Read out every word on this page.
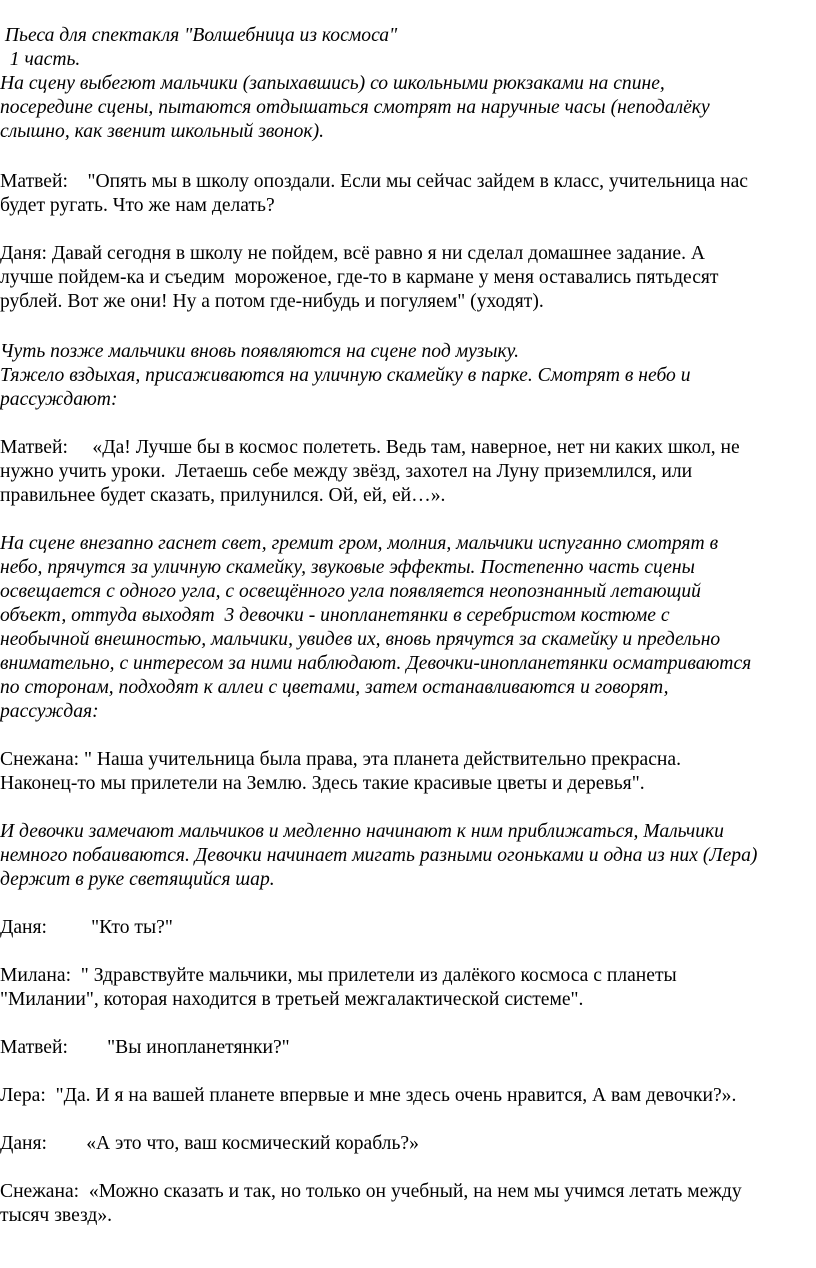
Пьеса для спектакля "Волшебница из космоса"
1 часть.
На сцену выбегют мальчики (запыхавшись) со школьными рюкзаками на спине,
посередине сцены, пытаются отдышаться смотрят на наручные часы (неподалёку
слышно, как звенит школьный звонок).
Матвей:    "Опять мы в школу опоздали. Если мы сейчас зайдем в класс, учительница нас
будет ругать. Что же нам делать?
Даня: Давай сегодня в школу не пойдем, всё равно я ни сделал домашнее задание. А
лучше пойдем-ка и съедим  мороженое, где-то в кармане у меня оставались пятьдесят
рублей. Вот же они! Ну а потом где-нибудь и погуляем" (уходят).
Чуть позже мальчики вновь появляются на сцене под музыку.
Тяжело вздыхая, присаживаются на уличную скамейку в парке. Смотрят в небо и
рассуждают:
Матвей:     «Да! Лучше бы в космос полететь. Ведь там, наверное, нет ни каких школ, не
нужно учить уроки.  Летаешь себе между звёзд, захотел на Луну приземлился, или
правильнее будет сказать, прилунился. Ой, ей, ей…».
На сцене внезапно гаснет свет, гремит гром, молния, мальчики испуганно смотрят в
небо, прячутся за уличную скамейку, звуковые эффекты. Постепенно часть сцены
освещается с одного угла, с освещённого угла появляется неопознанный летающий
объект, оттуда выходят  3 девочки - инопланетянки в серебристом костюме с
необычной внешностью, мальчики, увидев их, вновь прячутся за скамейку и предельно
внимательно, с интересом за ними наблюдают. Девочки-инопланетянки осматриваются
по сторонам, подходят к аллеи с цветами, затем останавливаются и говорят,
рассуждая:
Снежана: " Наша учительница была права, эта планета действительно прекрасна.
Наконец-то мы прилетели на Землю. Здесь такие красивые цветы и деревья".
И девочки замечают мальчиков и медленно начинают к ним приближаться, Мальчики
немного побаиваются. Девочки начинает мигать разными огоньками и одна из них (Лера)
держит в руке светящийся шар.
Даня:         "Кто ты?"
Милана:  " Здравствуйте мальчики, мы прилетели из далёкого космоса с планеты
"Милании", которая находится в третьей межгалактической системе".
Матвей:        "Вы инопланетянки?"
Лера:  "Да. И я на вашей планете впервые и мне здесь очень нравится, А вам девочки?».
Даня:        «А это что, ваш космический корабль?»
Снежана:  «Можно сказать и так, но только он учебный, на нем мы учимся летать между
тысяч звезд».
